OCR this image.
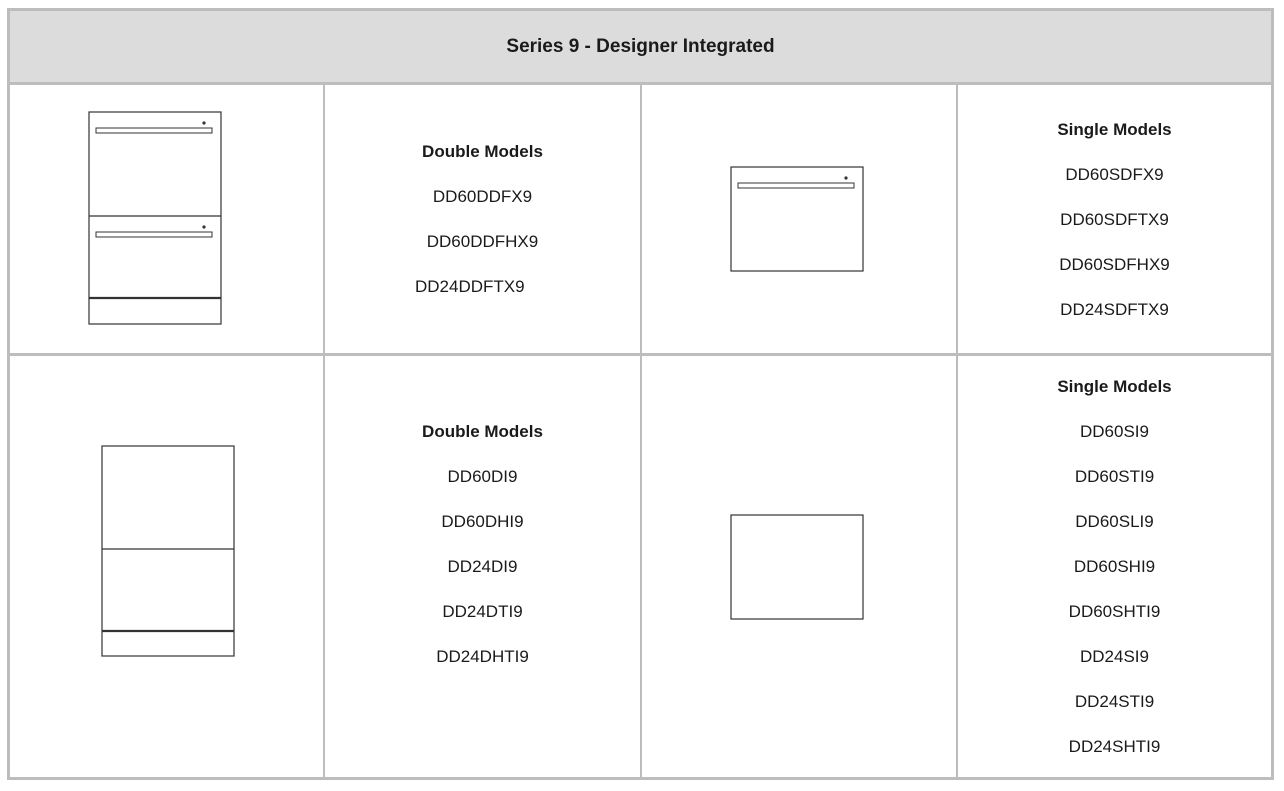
Series 9 - Designer Integrated
Double Models
DD60DDFX9
DD60DDFHX9
DD24DDFTX9
Single Models
DD60SDFX9
DD60SDFTX9
DD60SDFHX9
DD24SDFTX9
Double Models
DD60DI9
DD60DHI9
DD24DI9
DD24DTI9
DD24DHTI9
Single Models
DD60SI9
DD60STI9
DD60SLI9
DD60SHI9
DD60SHTI9
DD24SI9
DD24STI9
DD24SHTI9
